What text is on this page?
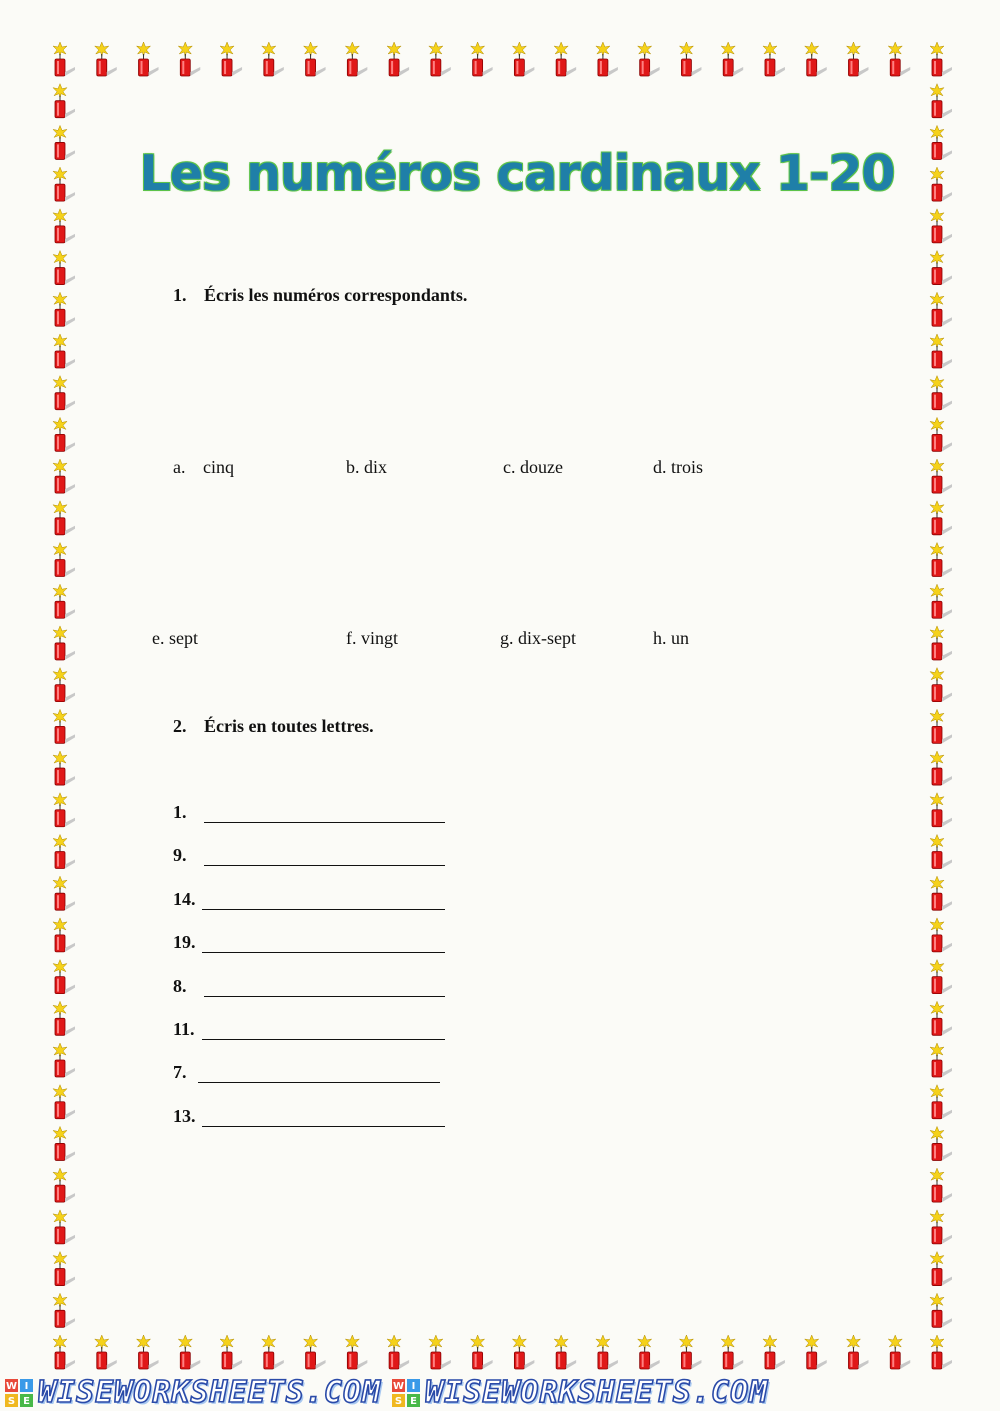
Les numéros cardinaux 1-20
1. Écris les numéros correspondants.
a. cinq	b. dix	c. douze	d. trois
e. sept	f. vingt	g. dix-sept	h. un
2. Écris en toutes lettres.
1.
9.
14.
19.
8.
11.
7.
13.
W I
S E WISEWORKSHEETS.COM W I
S E WISEWORKSHEETS.COM
